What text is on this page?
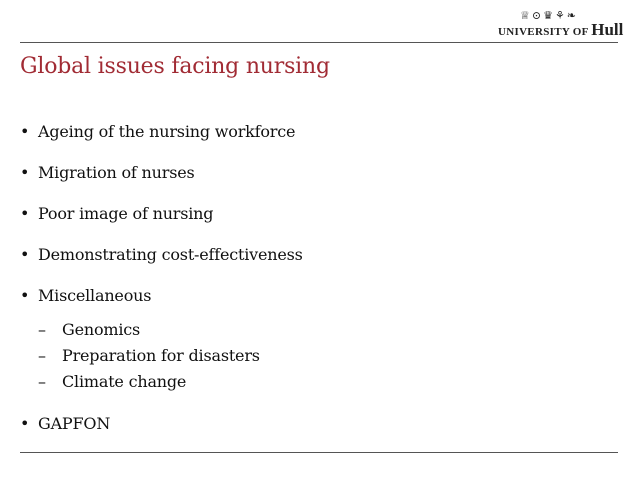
♕⊙♛⚘❧
UNIVERSITY OF Hull
Global issues facing nursing
• Ageing of the nursing workforce
• Migration of nurses
• Poor image of nursing
• Demonstrating cost-effectiveness
• Miscellaneous
– Genomics
– Preparation for disasters
– Climate change
• GAPFON
